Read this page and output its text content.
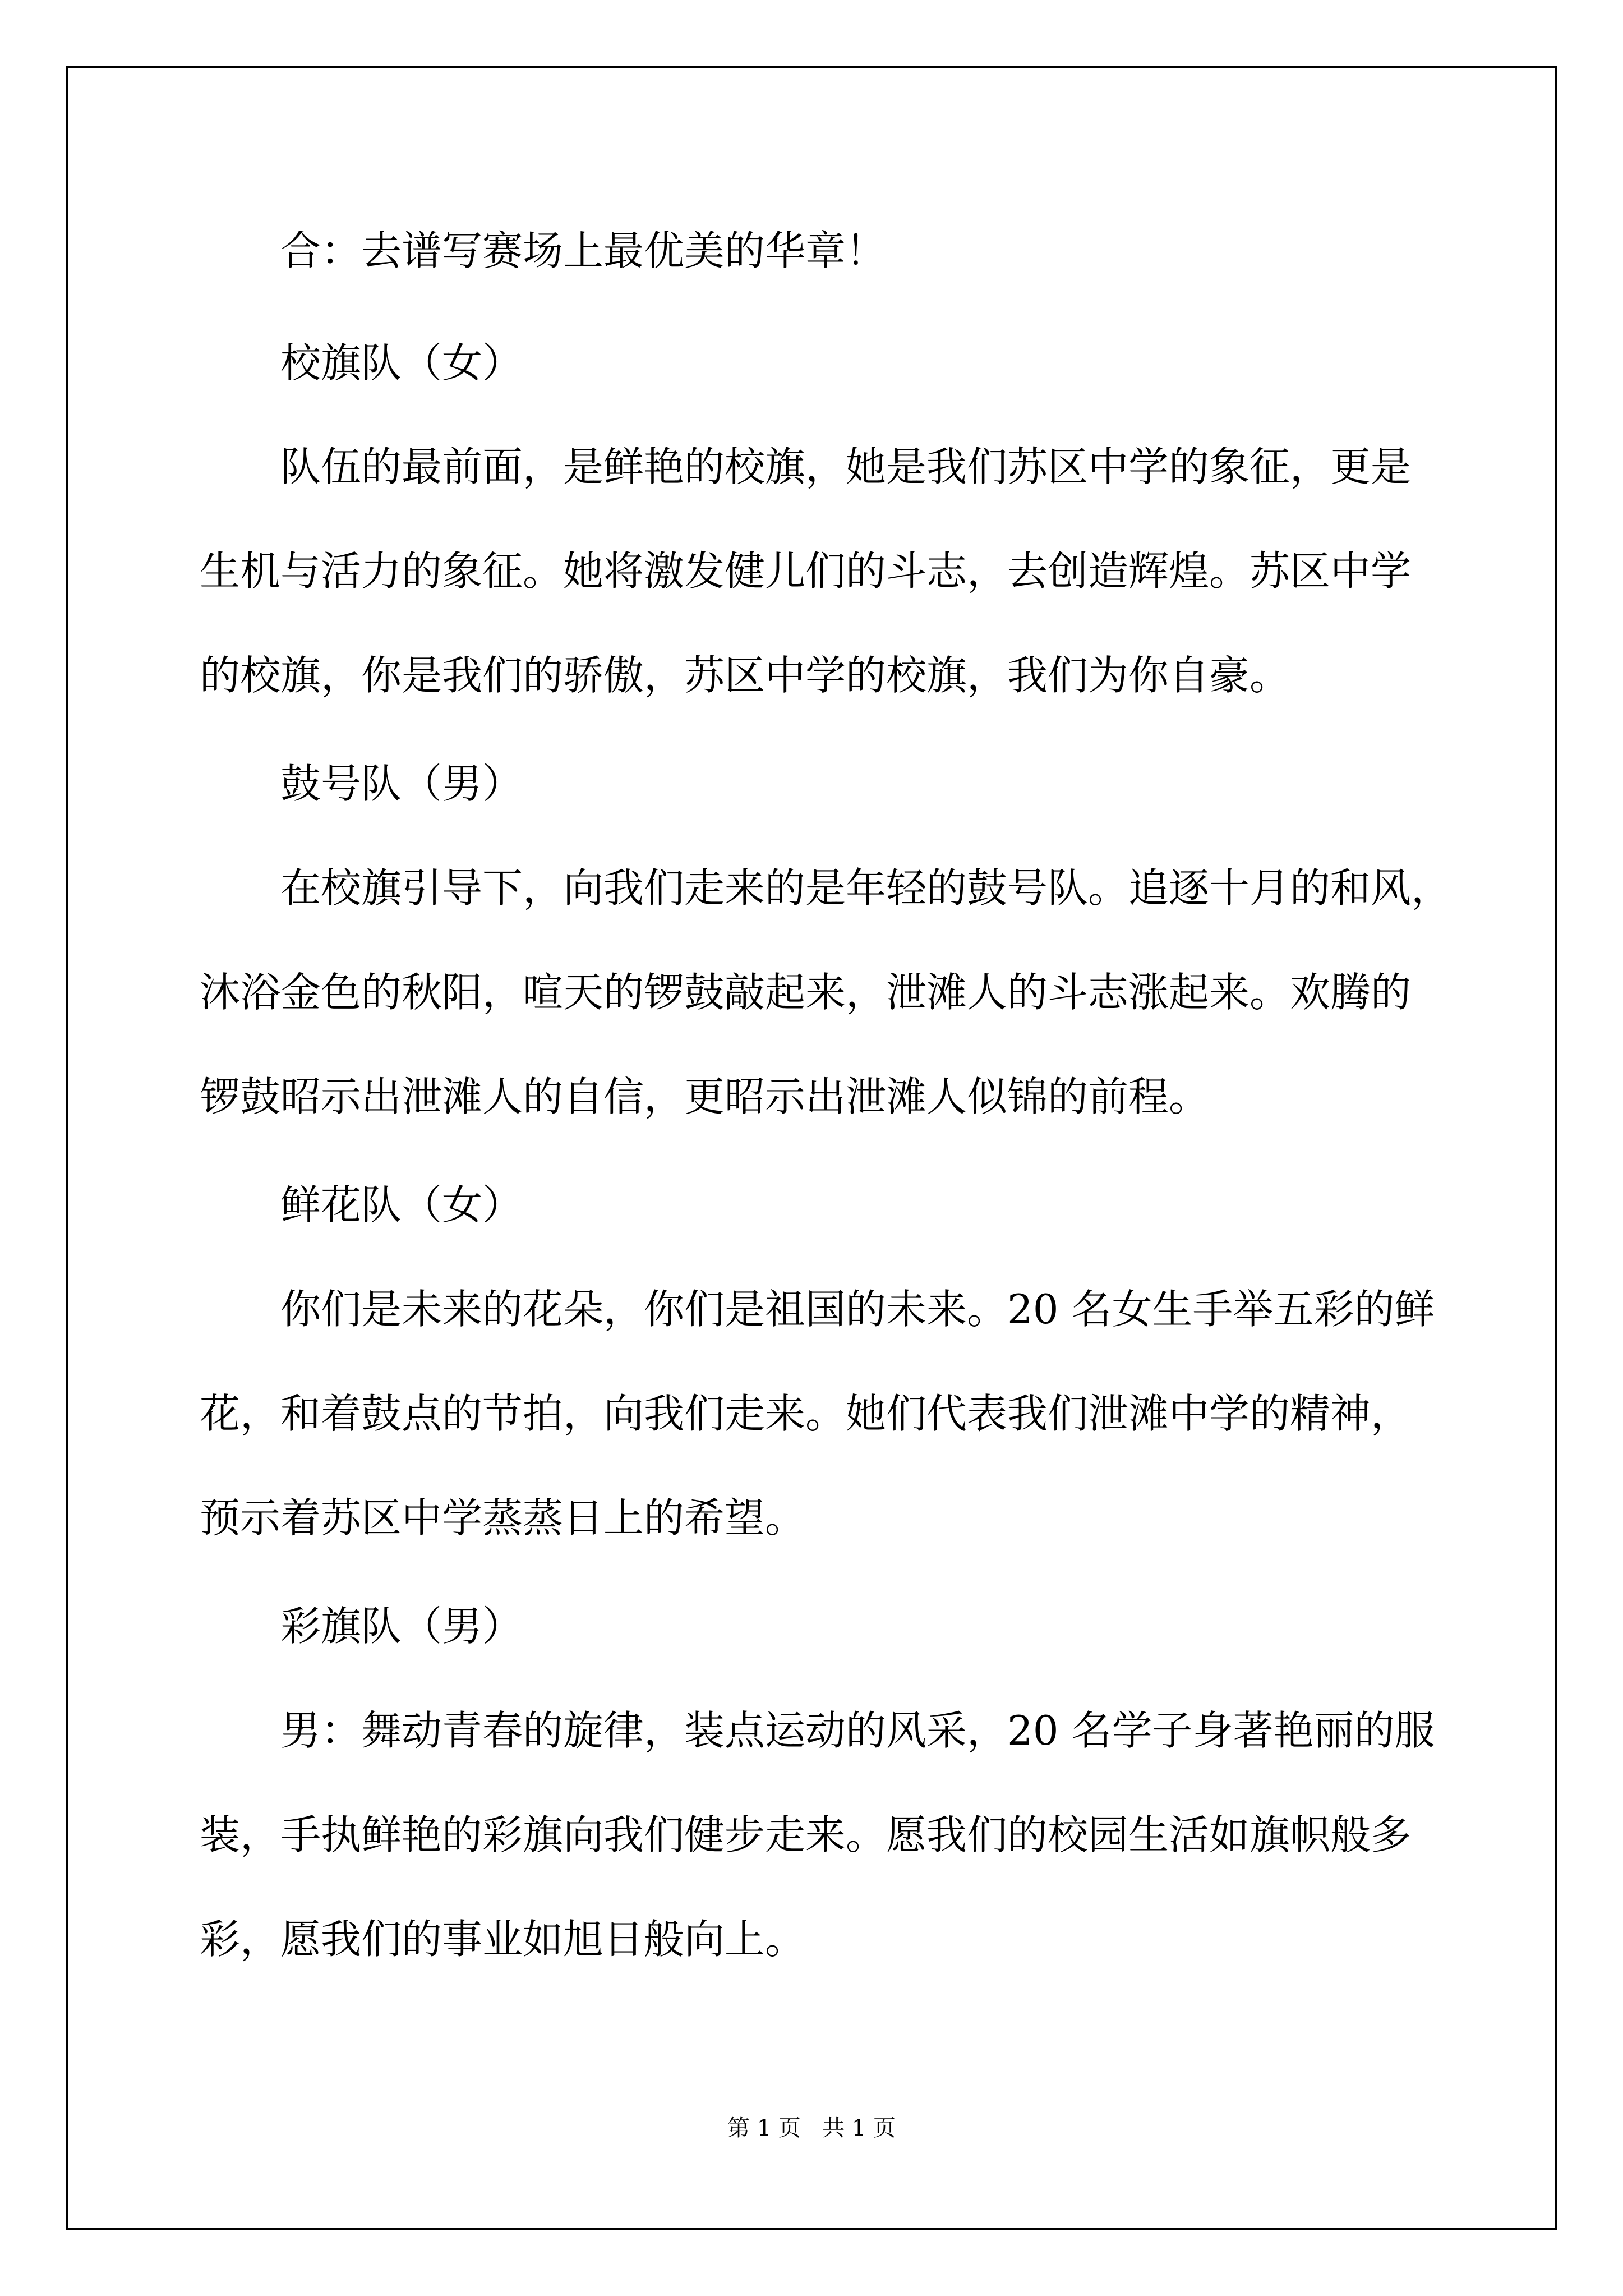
合：去谱写赛场上最优美的华章！
校旗队（女）
队伍的最前面，是鲜艳的校旗，她是我们苏区中学的象征，更是
生机与活力的象征。她将激发健儿们的斗志，去创造辉煌。苏区中学
的校旗，你是我们的骄傲，苏区中学的校旗，我们为你自豪。
鼓号队（男）
在校旗引导下，向我们走来的是年轻的鼓号队。追逐十月的和风，
沐浴金色的秋阳，喧天的锣鼓敲起来，泄滩人的斗志涨起来。欢腾的
锣鼓昭示出泄滩人的自信，更昭示出泄滩人似锦的前程。
鲜花队（女）
你们是未来的花朵，你们是祖国的未来。20 名女生手举五彩的鲜
花，和着鼓点的节拍，向我们走来。她们代表我们泄滩中学的精神，
预示着苏区中学蒸蒸日上的希望。
彩旗队（男）
男：舞动青春的旋律，装点运动的风采，20 名学子身著艳丽的服
装，手执鲜艳的彩旗向我们健步走来。愿我们的校园生活如旗帜般多
彩，愿我们的事业如旭日般向上。
第 1 页   共 1 页
